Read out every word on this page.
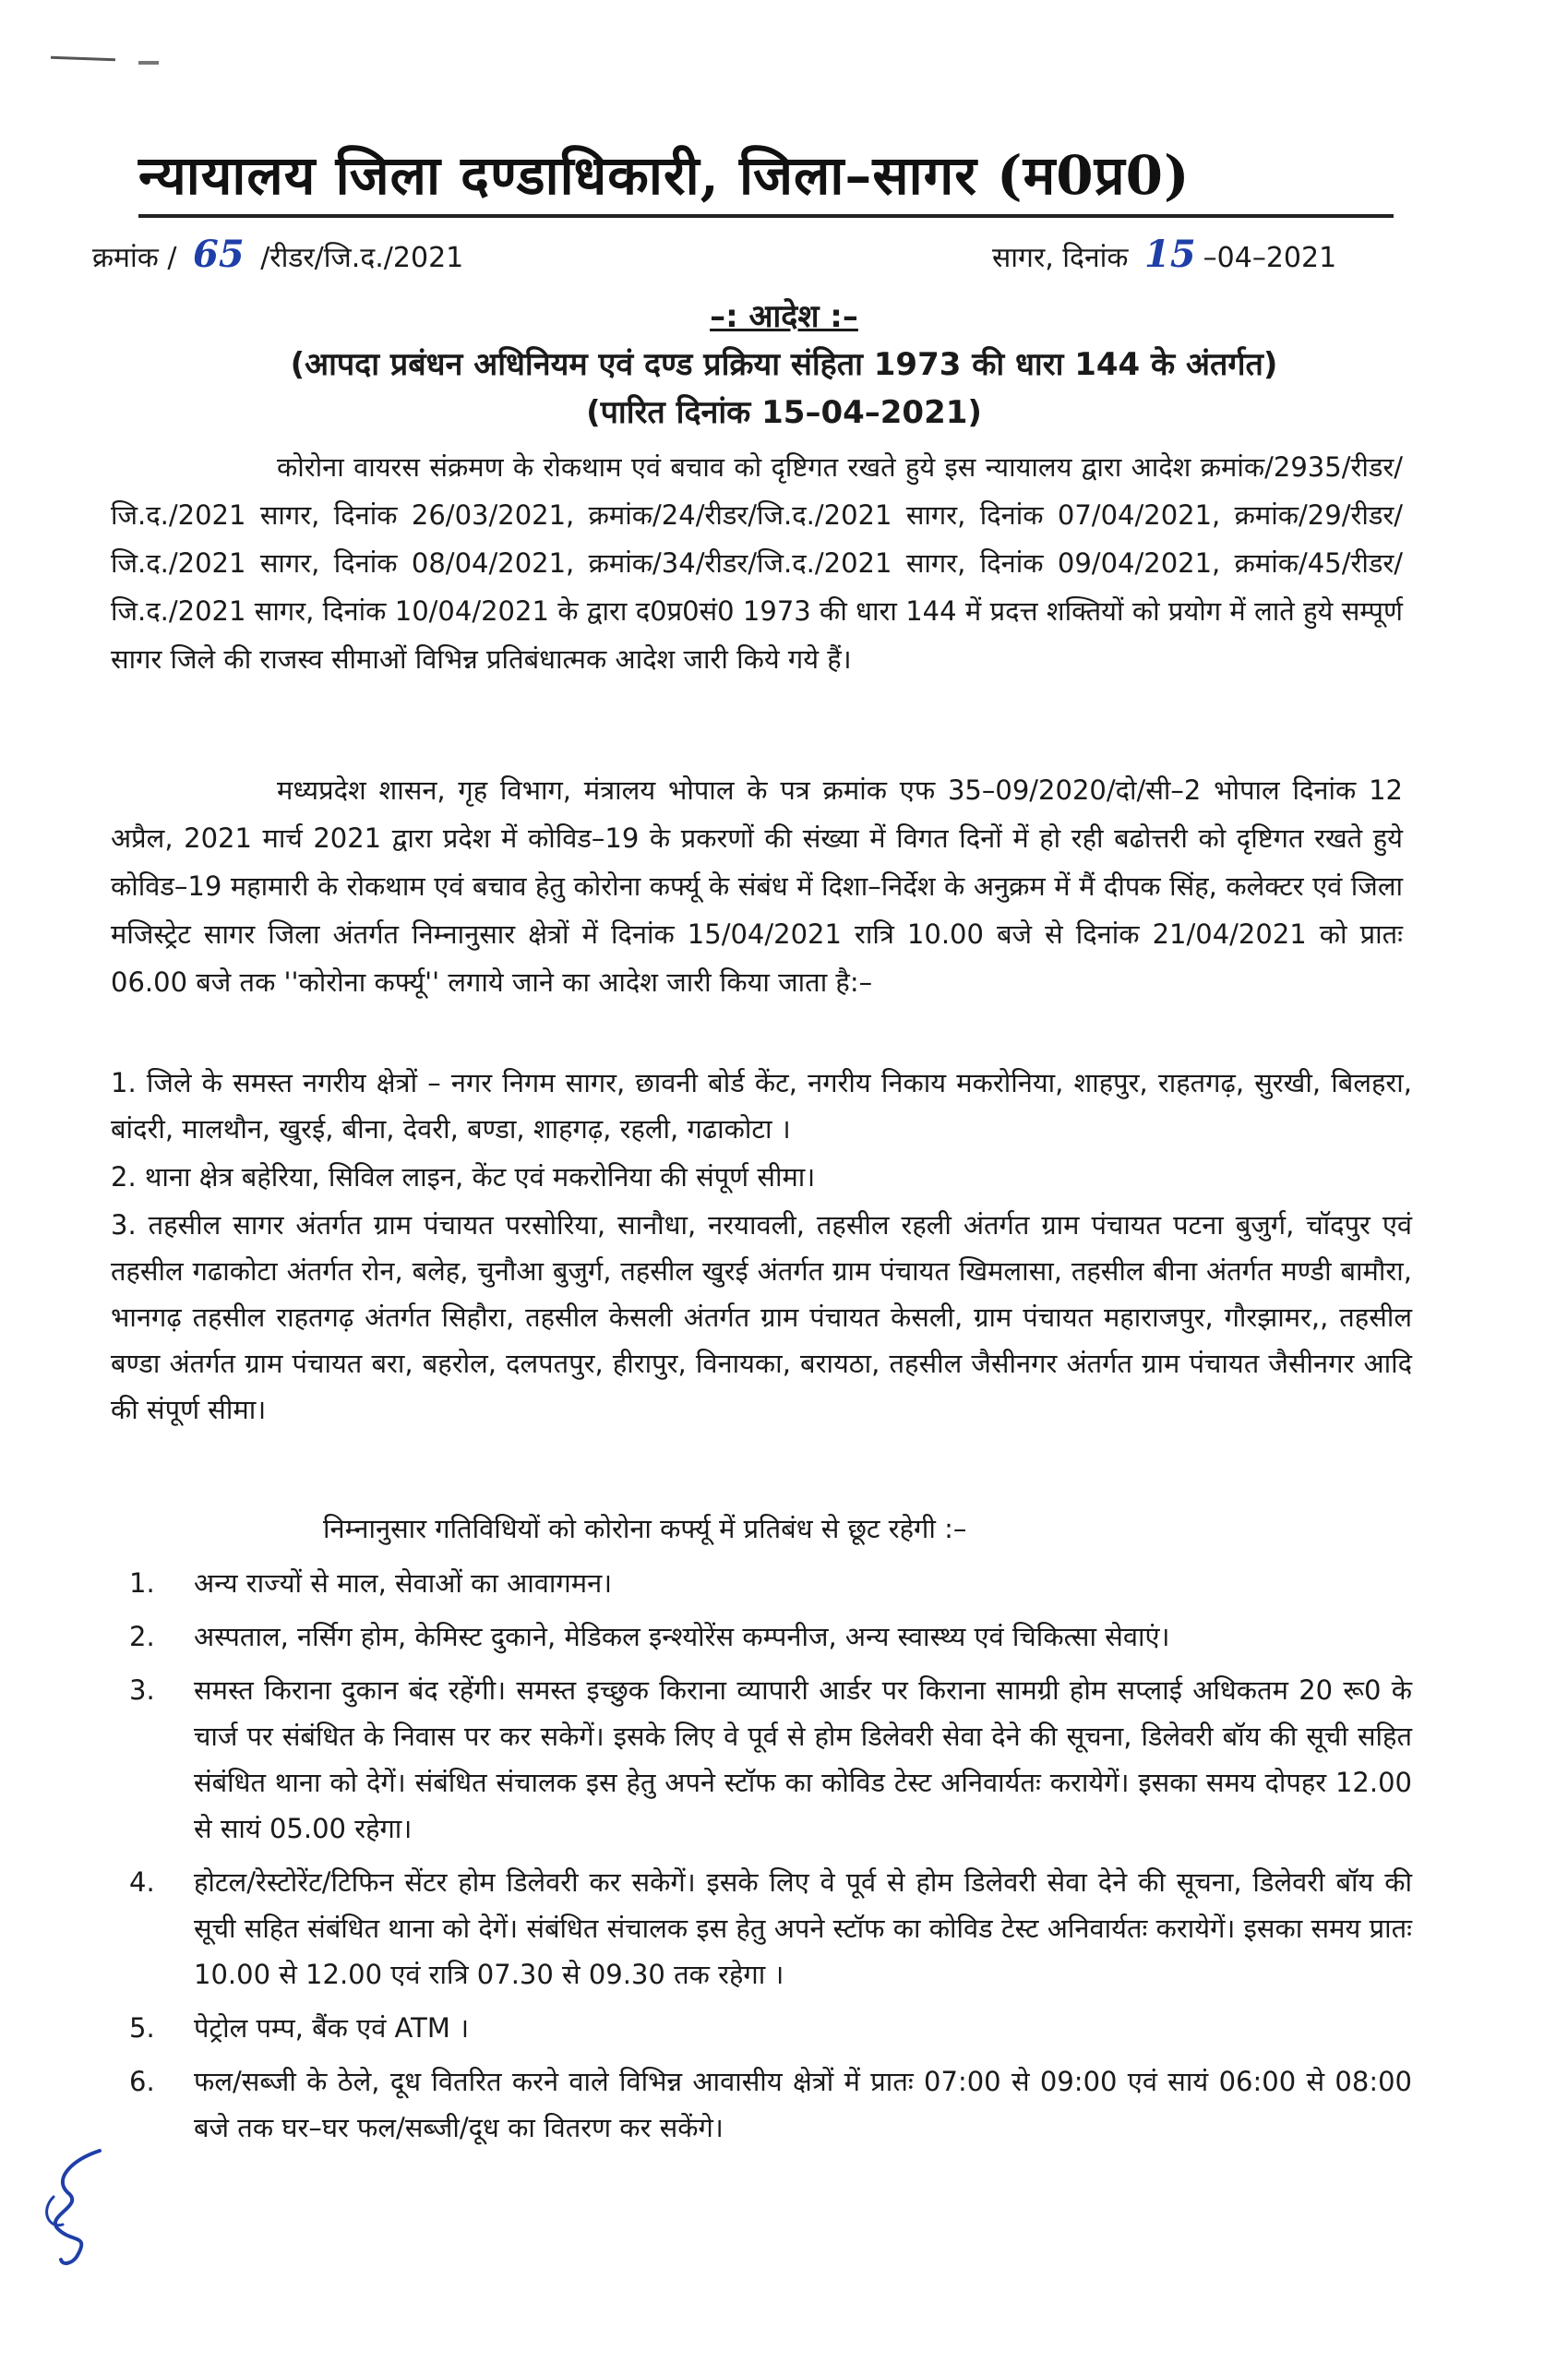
न्यायालय जिला दण्डाधिकारी, जिला–सागर (म0प्र0)
क्रमांक / 65 /रीडर/जि.द./2021	सागर, दिनांक 15 –04–2021
–: आदेश :–
(आपदा प्रबंधन अधिनियम एवं दण्ड प्रक्रिया संहिता 1973 की धारा 144 के अंतर्गत)
(पारित दिनांक 15–04–2021)
कोरोना वायरस संक्रमण के रोकथाम एवं बचाव को दृष्टिगत रखते हुये इस न्यायालय द्वारा आदेश क्रमांक/2935/रीडर/जि.द./2021 सागर, दिनांक 26/03/2021, क्रमांक/24/रीडर/जि.द./2021 सागर, दिनांक 07/04/2021, क्रमांक/29/रीडर/जि.द./2021 सागर, दिनांक 08/04/2021, क्रमांक/34/रीडर/जि.द./2021 सागर, दिनांक 09/04/2021, क्रमांक/45/रीडर/जि.द./2021 सागर, दिनांक 10/04/2021 के द्वारा द0प्र0सं0 1973 की धारा 144 में प्रदत्त शक्तियों को प्रयोग में लाते हुये सम्पूर्ण सागर जिले की राजस्व सीमाओं विभिन्न प्रतिबंधात्मक आदेश जारी किये गये हैं।
मध्यप्रदेश शासन, गृह विभाग, मंत्रालय भोपाल के पत्र क्रमांक एफ 35–09/2020/दो/सी–2 भोपाल दिनांक 12 अप्रैल, 2021 मार्च 2021 द्वारा प्रदेश में कोविड–19 के प्रकरणों की संख्या में विगत दिनों में हो रही बढोत्तरी को दृष्टिगत रखते हुये कोविड–19 महामारी के रोकथाम एवं बचाव हेतु कोरोना कर्फ्यू के संबंध में दिशा–निर्देश के अनुक्रम में मैं दीपक सिंह, कलेक्टर एवं जिला मजिस्ट्रेट सागर जिला अंतर्गत निम्नानुसार क्षेत्रों में दिनांक 15/04/2021 रात्रि 10.00 बजे से दिनांक 21/04/2021 को प्रातः 06.00 बजे तक ''कोरोना कर्फ्यू'' लगाये जाने का आदेश जारी किया जाता है:–
1. जिले के समस्त नगरीय क्षेत्रों – नगर निगम सागर, छावनी बोर्ड केंट, नगरीय निकाय मकरोनिया, शाहपुर, राहतगढ़, सुरखी, बिलहरा, बांदरी, मालथौन, खुरई, बीना, देवरी, बण्डा, शाहगढ़, रहली, गढाकोटा ।
2. थाना क्षेत्र बहेरिया, सिविल लाइन, केंट एवं मकरोनिया की संपूर्ण सीमा।
3. तहसील सागर अंतर्गत ग्राम पंचायत परसोरिया, सानौधा, नरयावली, तहसील रहली अंतर्गत ग्राम पंचायत पटना बुजुर्ग, चॉदपुर एवं तहसील गढाकोटा अंतर्गत रोन, बलेह, चुनौआ बुजुर्ग, तहसील खुरई अंतर्गत ग्राम पंचायत खिमलासा, तहसील बीना अंतर्गत मण्डी बामौरा, भानगढ़ तहसील राहतगढ़ अंतर्गत सिहौरा, तहसील केसली अंतर्गत ग्राम पंचायत केसली, ग्राम पंचायत महाराजपुर, गौरझामर,, तहसील बण्डा अंतर्गत ग्राम पंचायत बरा, बहरोल, दलपतपुर, हीरापुर, विनायका, बरायठा, तहसील जैसीनगर अंतर्गत ग्राम पंचायत जैसीनगर आदि की संपूर्ण सीमा।
निम्नानुसार गतिविधियों को कोरोना कर्फ्यू में प्रतिबंध से छूट रहेगी :–
1.	अन्य राज्यों से माल, सेवाओं का आवागमन।
2.	अस्पताल, नर्सिग होम, केमिस्ट दुकाने, मेडिकल इन्श्योरेंस कम्पनीज, अन्य स्वास्थ्य एवं चिकित्सा सेवाएं।
3.	समस्त किराना दुकान बंद रहेंगी। समस्त इच्छुक किराना व्यापारी आर्डर पर किराना सामग्री होम सप्लाई अधिकतम 20 रू0 के चार्ज पर संबंधित के निवास पर कर सकेगें। इसके लिए वे पूर्व से होम डिलेवरी सेवा देने की सूचना, डिलेवरी बॉय की सूची सहित संबंधित थाना को देगें। संबंधित संचालक इस हेतु अपने स्टॉफ का कोविड टेस्ट अनिवार्यतः करायेगें। इसका समय दोपहर 12.00 से सायं 05.00 रहेगा।
4.	होटल/रेस्टोरेंट/टिफिन सेंटर होम डिलेवरी कर सकेगें। इसके लिए वे पूर्व से होम डिलेवरी सेवा देने की सूचना, डिलेवरी बॉय की सूची सहित संबंधित थाना को देगें। संबंधित संचालक इस हेतु अपने स्टॉफ का कोविड टेस्ट अनिवार्यतः करायेगें। इसका समय प्रातः 10.00 से 12.00 एवं रात्रि 07.30 से 09.30 तक रहेगा ।
5.	पेट्रोल पम्प, बैंक एवं ATM ।
6.	फल/सब्जी के ठेले, दूध वितरित करने वाले विभिन्न आवासीय क्षेत्रों में प्रातः 07:00 से 09:00 एवं सायं 06:00 से 08:00 बजे तक घर–घर फल/सब्जी/दूध का वितरण कर सकेंगे।
